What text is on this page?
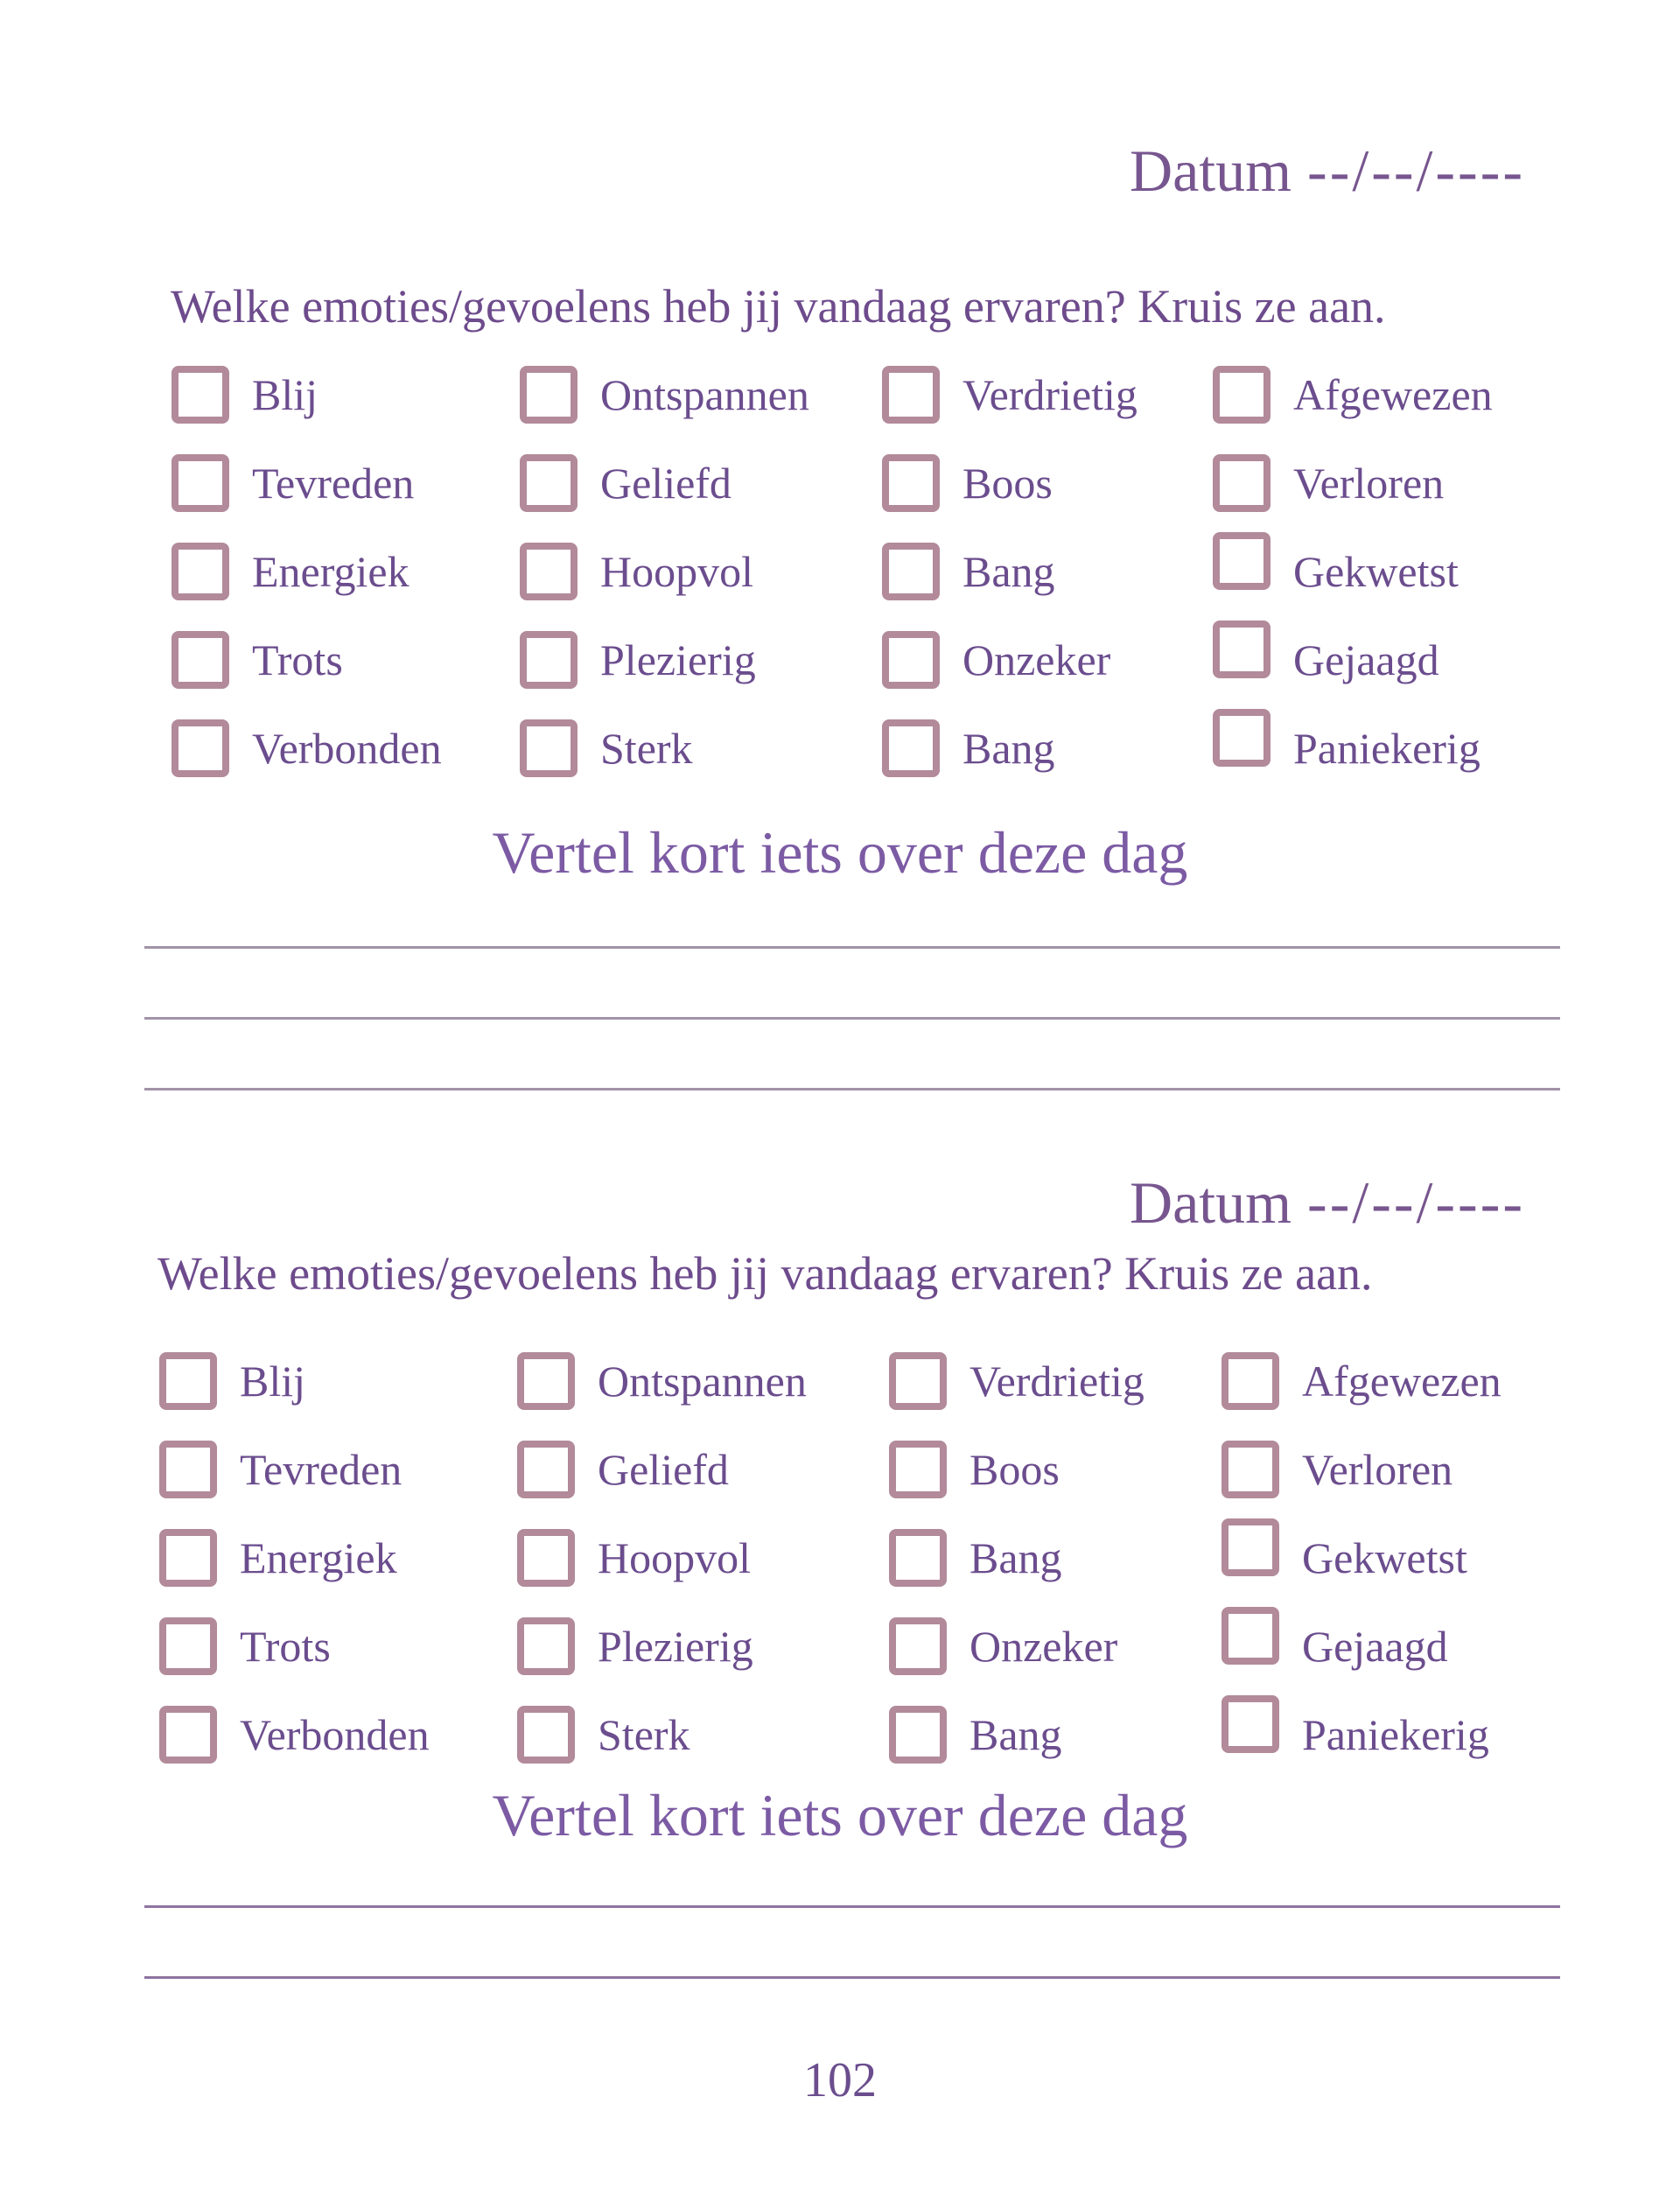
Datum --/--/----

Welke emoties/gevoelens heb jij vandaag ervaren? Kruis ze aan.

Blij	Ontspannen	Verdrietig	Afgewezen
Tevreden	Geliefd	Boos	Verloren
Energiek	Hoopvol	Bang	Gekwetst
Trots	Plezierig	Onzeker	Gejaagd
Verbonden	Sterk	Bang	Paniekerig
Vertel kort iets over deze dag
Datum --/--/----

Welke emoties/gevoelens heb jij vandaag ervaren? Kruis ze aan.

Blij	Ontspannen	Verdrietig	Afgewezen
Tevreden	Geliefd	Boos	Verloren
Energiek	Hoopvol	Bang	Gekwetst
Trots	Plezierig	Onzeker	Gejaagd
Verbonden	Sterk	Bang	Paniekerig
Vertel kort iets over deze dag
102
